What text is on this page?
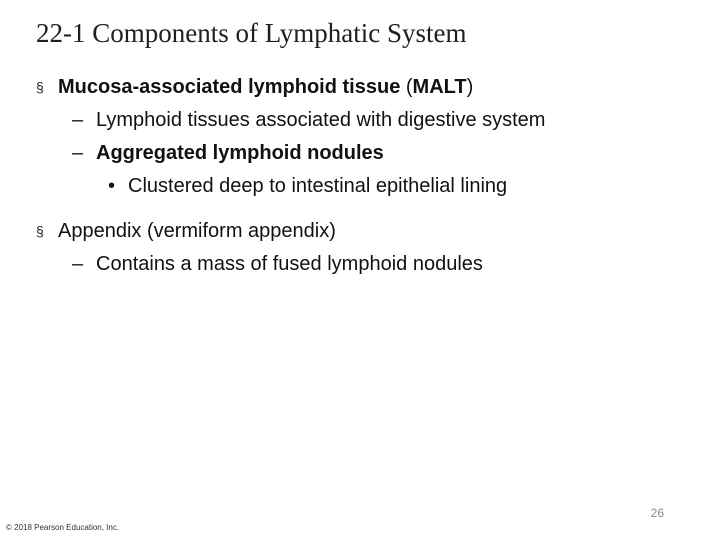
22-1 Components of Lymphatic System
§ Mucosa-associated lymphoid tissue (MALT)
– Lymphoid tissues associated with digestive system
– Aggregated lymphoid nodules
• Clustered deep to intestinal epithelial lining
§ Appendix (vermiform appendix)
– Contains a mass of fused lymphoid nodules
26
© 2018 Pearson Education, Inc.
